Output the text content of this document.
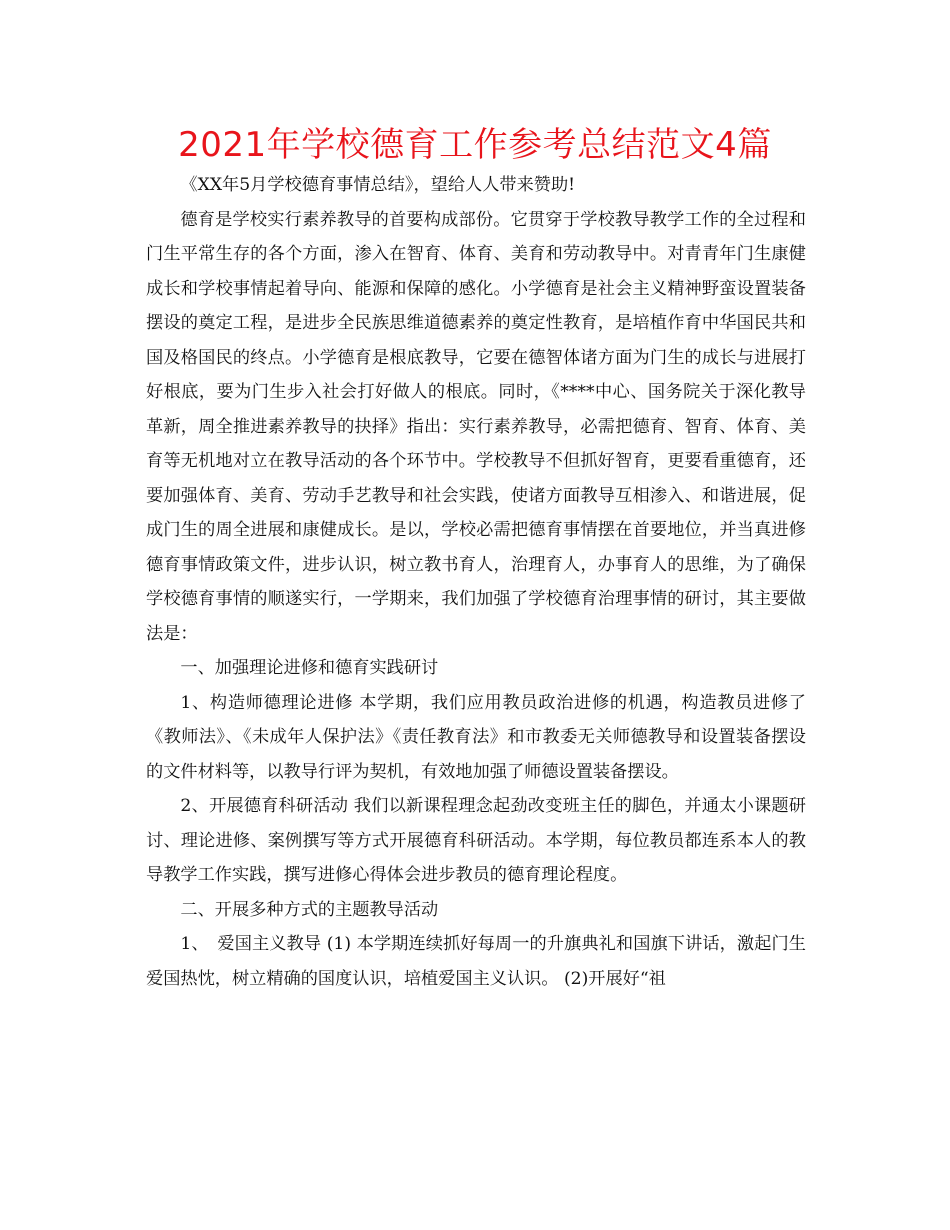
2021年学校德育工作参考总结范文4篇

《XX年5月学校德育事情总结》，望给人人带来赞助!

德育是学校实行素养教导的首要构成部份。它贯穿于学校教导教学工作的全过程和门生平常生存的各个方面，渗入在智育、体育、美育和劳动教导中。对青青年门生康健成长和学校事情起着导向、能源和保障的感化。小学德育是社会主义精神野蛮设置装备摆设的奠定工程，是进步全民族思维道德素养的奠定性教育，是培植作育中华国民共和国及格国民的终点。小学德育是根底教导，它要在德智体诸方面为门生的成长与进展打好根底，要为门生步入社会打好做人的根底。同时，《****中心、国务院关于深化教导革新，周全推进素养教导的抉择》指出：实行素养教导，必需把德育、智育、体育、美育等无机地对立在教导活动的各个环节中。学校教导不但抓好智育，更要看重德育，还要加强体育、美育、劳动手艺教导和社会实践，使诸方面教导互相渗入、和谐进展，促成门生的周全进展和康健成长。是以，学校必需把德育事情摆在首要地位，并当真进修德育事情政策文件，进步认识，树立教书育人，治理育人，办事育人的思维，为了确保学校德育事情的顺遂实行，一学期来，我们加强了学校德育治理事情的研讨，其主要做法是：

一、加强理论进修和德育实践研讨

1、构造师德理论进修 本学期，我们应用教员政治进修的机遇，构造教员进修了《教师法》、《未成年人保护法》《责任教育法》和市教委无关师德教导和设置装备摆设的文件材料等，以教导行评为契机，有效地加强了师德设置装备摆设。

2、开展德育科研活动 我们以新课程理念起劲改变班主任的脚色，并通太小课题研讨、理论进修、案例撰写等方式开展德育科研活动。本学期，每位教员都连系本人的教导教学工作实践，撰写进修心得体会进步教员的德育理论程度。

二、开展多种方式的主题教导活动

1、　爱国主义教导 (1) 本学期连续抓好每周一的升旗典礼和国旗下讲话，激起门生爱国热忱，树立精确的国度认识，培植爱国主义认识。 (2)开展好“祖
